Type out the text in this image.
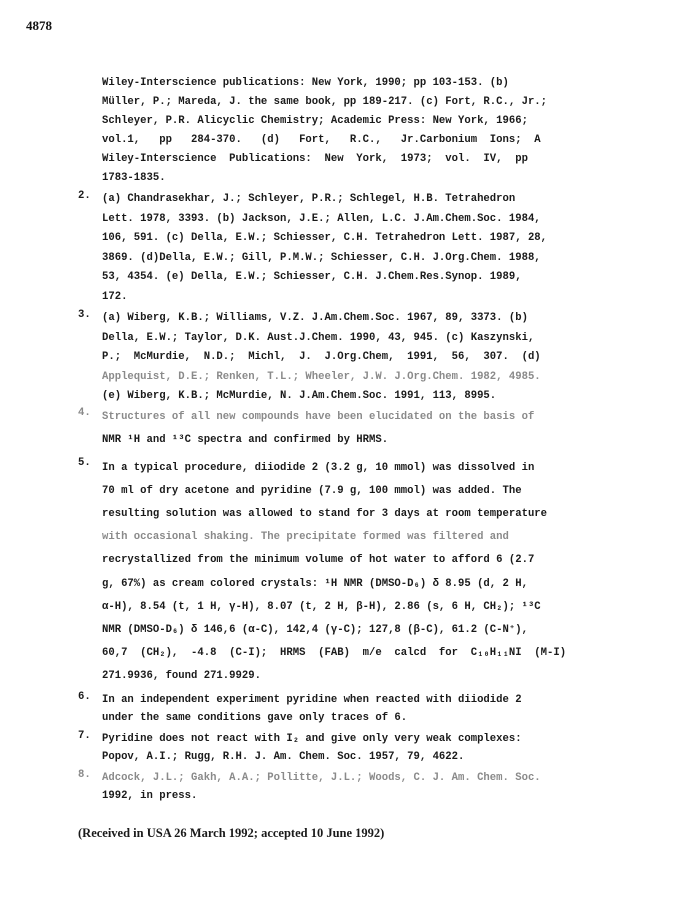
4878
Wiley-Interscience publications: New York, 1990; pp 103-153. (b)
Müller, P.; Mareda, J. the same book, pp 189-217. (c) Fort, R.C., Jr.;
Schleyer, P.R. Alicyclic Chemistry; Academic Press: New York, 1966;
vol.1,   pp   284-370.   (d)   Fort,   R.C.,   Jr.Carbonium  Ions;  A
Wiley-Interscience  Publications:  New  York,  1973;  vol.  IV,  pp
1783-1835.
2.	(a) Chandrasekhar, J.; Schleyer, P.R.; Schlegel, H.B. Tetrahedron
Lett. 1978, 3393. (b) Jackson, J.E.; Allen, L.C. J.Am.Chem.Soc. 1984,
106, 591. (c) Della, E.W.; Schiesser, C.H. Tetrahedron Lett. 1987, 28,
3869. (d)Della, E.W.; Gill, P.M.W.; Schiesser, C.H. J.Org.Chem. 1988,
53, 4354. (e) Della, E.W.; Schiesser, C.H. J.Chem.Res.Synop. 1989,
172.
3.	(a) Wiberg, K.B.; Williams, V.Z. J.Am.Chem.Soc. 1967, 89, 3373. (b)
Della, E.W.; Taylor, D.K. Aust.J.Chem. 1990, 43, 945. (c) Kaszynski,
P.;  McMurdie,  N.D.;  Michl,  J.  J.Org.Chem,  1991,  56,  307.  (d)
Applequist, D.E.; Renken, T.L.; Wheeler, J.W. J.Org.Chem. 1982, 4985.
(e) Wiberg, K.B.; McMurdie, N. J.Am.Chem.Soc. 1991, 113, 8995.
4.	Structures of all new compounds have been elucidated on the basis of
NMR ¹H and ¹³C spectra and confirmed by HRMS.
5.	In a typical procedure, diiodide 2 (3.2 g, 10 mmol) was dissolved in
70 ml of dry acetone and pyridine (7.9 g, 100 mmol) was added. The
resulting solution was allowed to stand for 3 days at room temperature
with occasional shaking. The precipitate formed was filtered and
recrystallized from the minimum volume of hot water to afford 6 (2.7
g, 67%) as cream colored crystals: ¹H NMR (DMSO-D₆) δ 8.95 (d, 2 H,
α-H), 8.54 (t, 1 H, γ-H), 8.07 (t, 2 H, β-H), 2.86 (s, 6 H, CH₂); ¹³C
NMR (DMSO-D₆) δ 146,6 (α-C), 142,4 (γ-C); 127,8 (β-C), 61.2 (C-N⁺),
60,7  (CH₂),  -4.8  (C-I);  HRMS  (FAB)  m/e  calcd  for  C₁₀H₁₁NI  (M-I)
271.9936, found 271.9929.
6.	In an independent experiment pyridine when reacted with diiodide 2
under the same conditions gave only traces of 6.
7.	Pyridine does not react with I₂ and give only very weak complexes:
Popov, A.I.; Rugg, R.H. J. Am. Chem. Soc. 1957, 79, 4622.
8.	Adcock, J.L.; Gakh, A.A.; Pollitte, J.L.; Woods, C. J. Am. Chem. Soc.
1992, in press.
(Received in USA 26 March 1992; accepted 10 June 1992)
